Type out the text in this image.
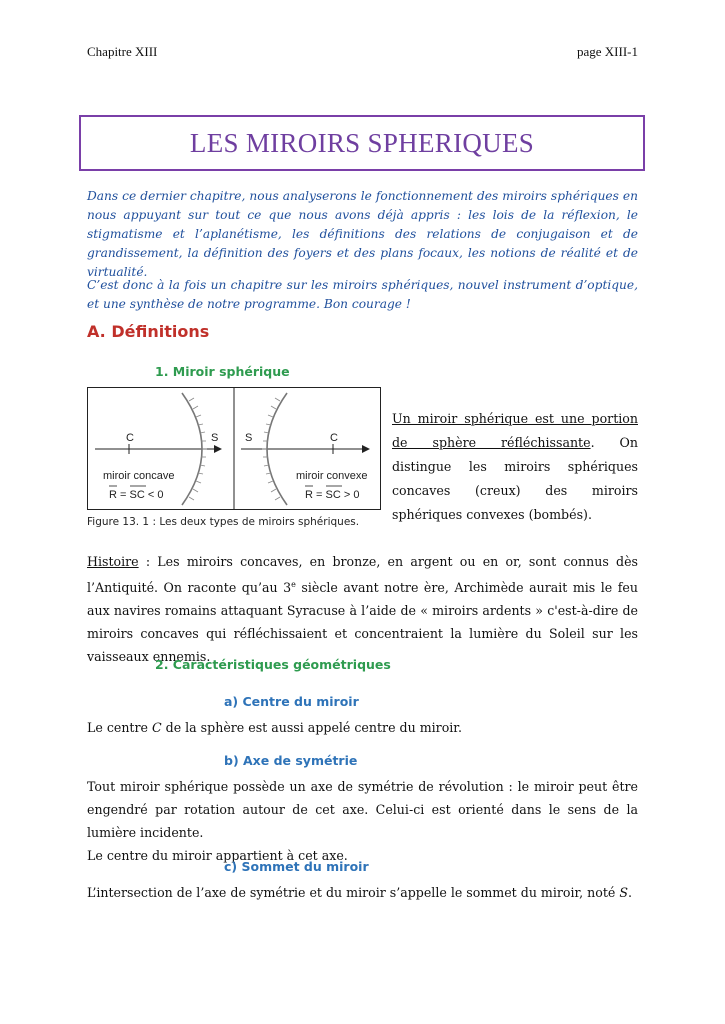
Chapitre XIII	page XIII-1
LES MIROIRS SPHERIQUES
Dans ce dernier chapitre, nous analyserons le fonctionnement des miroirs sphériques en nous appuyant sur tout ce que nous avons déjà appris : les lois de la réflexion, le stigmatisme et l’aplanétisme, les définitions des relations de conjugaison et de grandissement, la définition des foyers et des plans focaux, les notions de réalité et de virtualité.
C’est donc à la fois un chapitre sur les miroirs sphériques, nouvel instrument d’optique, et une synthèse de notre programme. Bon courage !
A. Définitions
1. Miroir sphérique
C	S
miroir concave
R = SC < 0
S	C
miroir convexe
R = SC > 0
Un miroir sphérique est une portion de sphère réfléchissante. On distingue les miroirs sphériques concaves (creux) des miroirs sphériques convexes (bombés).
Figure 13. 1 : Les deux types de miroirs sphériques.
Histoire : Les miroirs concaves, en bronze, en argent ou en or, sont connus dès l’Antiquité. On raconte qu’au 3e siècle avant notre ère, Archimède aurait mis le feu aux navires romains attaquant Syracuse à l’aide de « miroirs ardents » c'est-à-dire de miroirs concaves qui réfléchissaient et concentraient la lumière du Soleil sur les vaisseaux ennemis.
2. Caractéristiques géométriques
a) Centre du miroir
Le centre C de la sphère est aussi appelé centre du miroir.
b) Axe de symétrie
Tout miroir sphérique possède un axe de symétrie de révolution : le miroir peut être engendré par rotation autour de cet axe. Celui-ci est orienté dans le sens de la lumière incidente.
Le centre du miroir appartient à cet axe.
c) Sommet du miroir
L’intersection de l’axe de symétrie et du miroir s’appelle le sommet du miroir, noté S.
